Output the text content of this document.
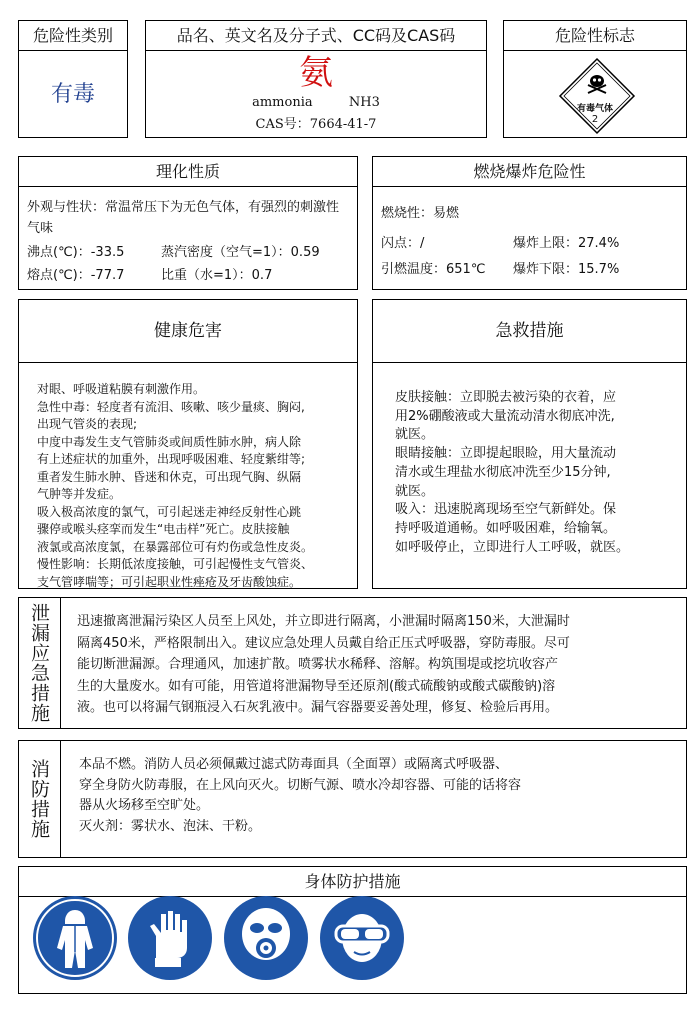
危险性类别
有毒
品名、英文名及分子式、CC码及CAS码
氨
ammonia	NH3
CAS号：7664-41-7
危险性标志
有毒气体
2
理化性质
外观与性状：常温常压下为无色气体，有强烈的刺激性气味
沸点(℃)：-33.5	蒸汽密度（空气=1）：0.59
熔点(℃)：-77.7	比重（水=1）：0.7
燃烧爆炸危险性
燃烧性：易燃
闪点：/	爆炸上限：27.4%
引燃温度：651℃ 爆炸下限：15.7%
健康危害
对眼、呼吸道粘膜有刺激作用。
急性中毒：轻度者有流泪、咳嗽、咳少量痰、胸闷,
出现气管炎的表现;
中度中毒发生支气管肺炎或间质性肺水肿，病人除
有上述症状的加重外，出现呼吸困难、轻度紫绀等;
重者发生肺水肿、昏迷和休克，可出现气胸、纵隔
气肿等并发症。
吸入极高浓度的氯气，可引起迷走神经反射性心跳
骤停或喉头痉挛而发生“电击样”死亡。皮肤接触
液氯或高浓度氯，在暴露部位可有灼伤或急性皮炎。
慢性影响：长期低浓度接触，可引起慢性支气管炎、
支气管哮喘等；可引起职业性痤疮及牙齿酸蚀症。
急救措施
皮肤接触：立即脱去被污染的衣着，应
用2%硼酸液或大量流动清水彻底冲洗,
就医。
眼睛接触：立即提起眼睑，用大量流动
清水或生理盐水彻底冲洗至少15分钟,
就医。
吸入：迅速脱离现场至空气新鲜处。保
持呼吸道通畅。如呼吸困难，给输氧。
如呼吸停止，立即进行人工呼吸，就医。
泄漏应急措施 迅速撤离泄漏污染区人员至上风处，并立即进行隔离，小泄漏时隔离150米，大泄漏时
隔离450米，严格限制出入。建议应急处理人员戴自给正压式呼吸器，穿防毒服。尽可
能切断泄漏源。合理通风，加速扩散。喷雾状水稀释、溶解。构筑围堤或挖坑收容产
生的大量废水。如有可能，用管道将泄漏物导至还原剂(酸式硫酸钠或酸式碳酸钠)溶
液。也可以将漏气钢瓶浸入石灰乳液中。漏气容器要妥善处理，修复、检验后再用。
消防措施 本品不燃。消防人员必须佩戴过滤式防毒面具（全面罩）或隔离式呼吸器、
穿全身防火防毒服，在上风向灭火。切断气源、喷水冷却容器、可能的话将容
器从火场移至空旷处。
灭火剂：雾状水、泡沫、干粉。
身体防护措施
